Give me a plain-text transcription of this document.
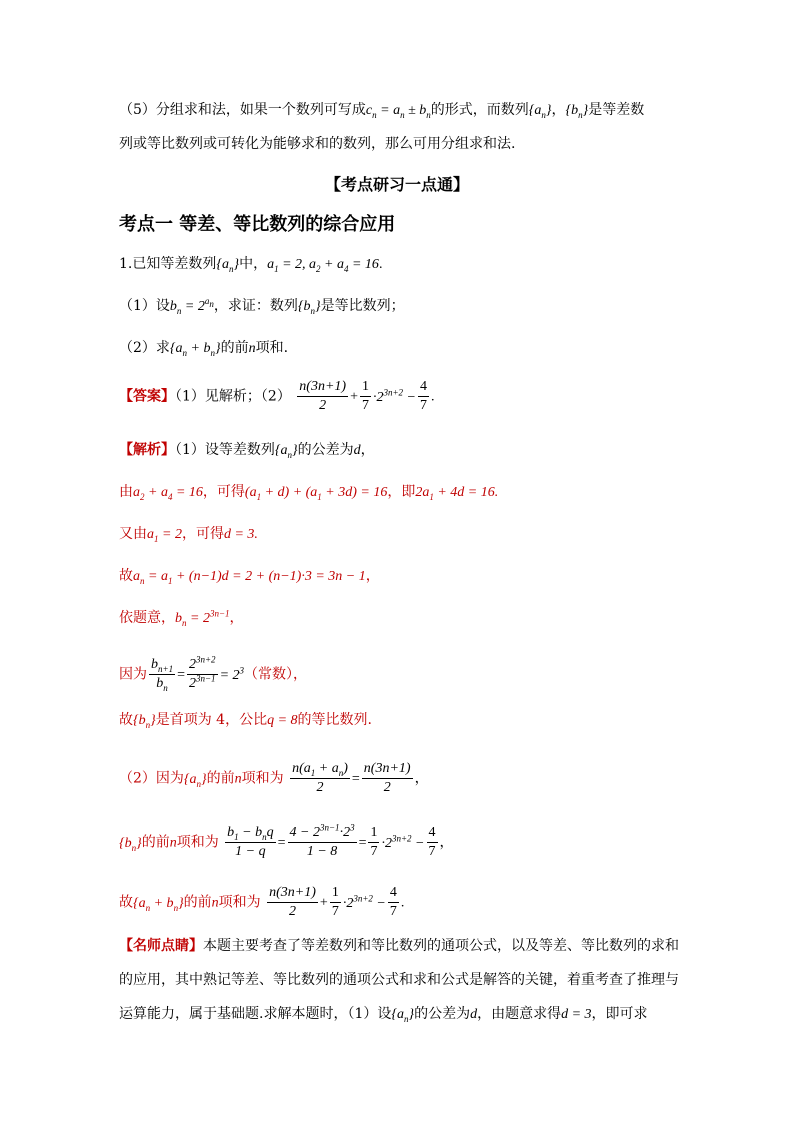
（5）分组求和法，如果一个数列可写成$c_n = a_n \pm b_n$的形式，而数列$\{a_n\}$，$\{b_n\}$是等差数
列或等比数列或可转化为能够求和的数列，那么可用分组求和法.
【考点研习一点通】
考点一 等差、等比数列的综合应用
1.已知等差数列$\{a_n\}$中，$a_1 = 2$, $a_2 + a_4 = 16$.
（1）设$b_n = 2^{a_n}$，求证：数列$\{b_n\}$是等比数列；
（2）求$\{a_n + b_n\}$的前n项和.
【答案】（1）见解析；$(2) \frac{n(3n+1)}{2} + \frac{1}{7} \cdot 2^{3n+2} - \frac{4}{7}$ .
【解析】（1）设等差数列$\{a_n\}$的公差为d，
由$a_2 + a_4 = 16$，可得$(a_1 + d) + (a_1 + 3d) = 16$，即$2a_1 + 4d = 16$.
又由$a_1 = 2$，可得d = 3.
故$a_n = a_1 + (n-1)d = 2 + (n-1)\cdot 3 = 3n - 1$，
依题意，$b_n = 2^{3n-1}$，
因为 $\frac{b_{n+1}}{b_n} = \frac{2^{3n+2}}{2^{3n-1}} = 2^3$（常数），
故$\{b_n\}$是首项为 4，公比q = 8的等比数列.
（2）因为$\{a_n\}$的前n项和为 $\frac{n(a_1 + a_n)}{2} = \frac{n(3n+1)}{2}$ ，
$\{b_n\}$的前n项和为 $\frac{b_1 - b_nq}{1 - q} = \frac{4 - 2^{3n-1}\cdot 2^3}{1 - 8} = \frac{1}{7} \cdot 2^{3n+2} - \frac{4}{7}$ ，
故$\{a_n + b_n\}$的前n项和为 $\frac{n(3n+1)}{2} + \frac{1}{7} \cdot 2^{3n+2} - \frac{4}{7}$ .
【名师点睛】本题主要考查了等差数列和等比数列的通项公式，以及等差、等比数列的求和
的应用，其中熟记等差、等比数列的通项公式和求和公式是解答的关键，着重考查了推理与
运算能力，属于基础题.求解本题时，（1）设$\{a_n\}$的公差为d，由题意求得d = 3，即可求
